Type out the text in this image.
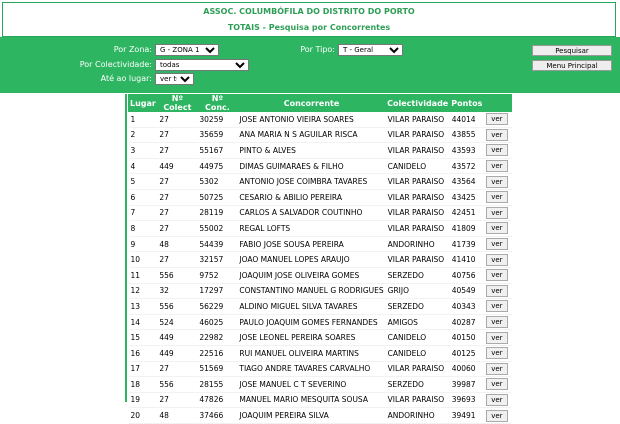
ASSOC. COLUMBÓFILA DO DISTRITO DO PORTO
TOTAIS - Pesquisa por Concorrentes
Por Zona:
G - ZONA 1	Por Tipo:
T - Geral
Por Colectividade:
todas
Até ao lugar:
ver tudo
Pesquisar
Menu Principal
Lugar	Nº Colect	Nº Conc.	Concorrente	Colectividade	Pontos	
1	27	30259	JOSE ANTONIO VIEIRA SOARES	VILAR PARAISO	44014	ver
2	27	35659	ANA MARIA N S AGUILAR RISCA	VILAR PARAISO	43855	ver
3	27	55167	PINTO & ALVES	VILAR PARAISO	43593	ver
4	449	44975	DIMAS GUIMARAES & FILHO	CANIDELO	43572	ver
5	27	5302	ANTONIO JOSE COIMBRA TAVARES	VILAR PARAISO	43564	ver
6	27	50725	CESARIO & ABILIO PEREIRA	VILAR PARAISO	43425	ver
7	27	28119	CARLOS A SALVADOR COUTINHO	VILAR PARAISO	42451	ver
8	27	55002	REGAL LOFTS	VILAR PARAISO	41809	ver
9	48	54439	FABIO JOSE SOUSA PEREIRA	ANDORINHO	41739	ver
10	27	32157	JOAO MANUEL LOPES ARAUJO	VILAR PARAISO	41410	ver
11	556	9752	JOAQUIM JOSE OLIVEIRA GOMES	SERZEDO	40756	ver
12	32	17297	CONSTANTINO MANUEL G RODRIGUES	GRIJO	40549	ver
13	556	56229	ALDINO MIGUEL SILVA TAVARES	SERZEDO	40343	ver
14	524	46025	PAULO JOAQUIM GOMES FERNANDES	AMIGOS	40287	ver
15	449	22982	JOSE LEONEL PEREIRA SOARES	CANIDELO	40150	ver
16	449	22516	RUI MANUEL OLIVEIRA MARTINS	CANIDELO	40125	ver
17	27	51569	TIAGO ANDRE TAVARES CARVALHO	VILAR PARAISO	40060	ver
18	556	28155	JOSE MANUEL C T SEVERINO	SERZEDO	39987	ver
19	27	47826	MANUEL MARIO MESQUITA SOUSA	VILAR PARAISO	39693	ver
20	48	37466	JOAQUIM PEREIRA SILVA	ANDORINHO	39491	ver
